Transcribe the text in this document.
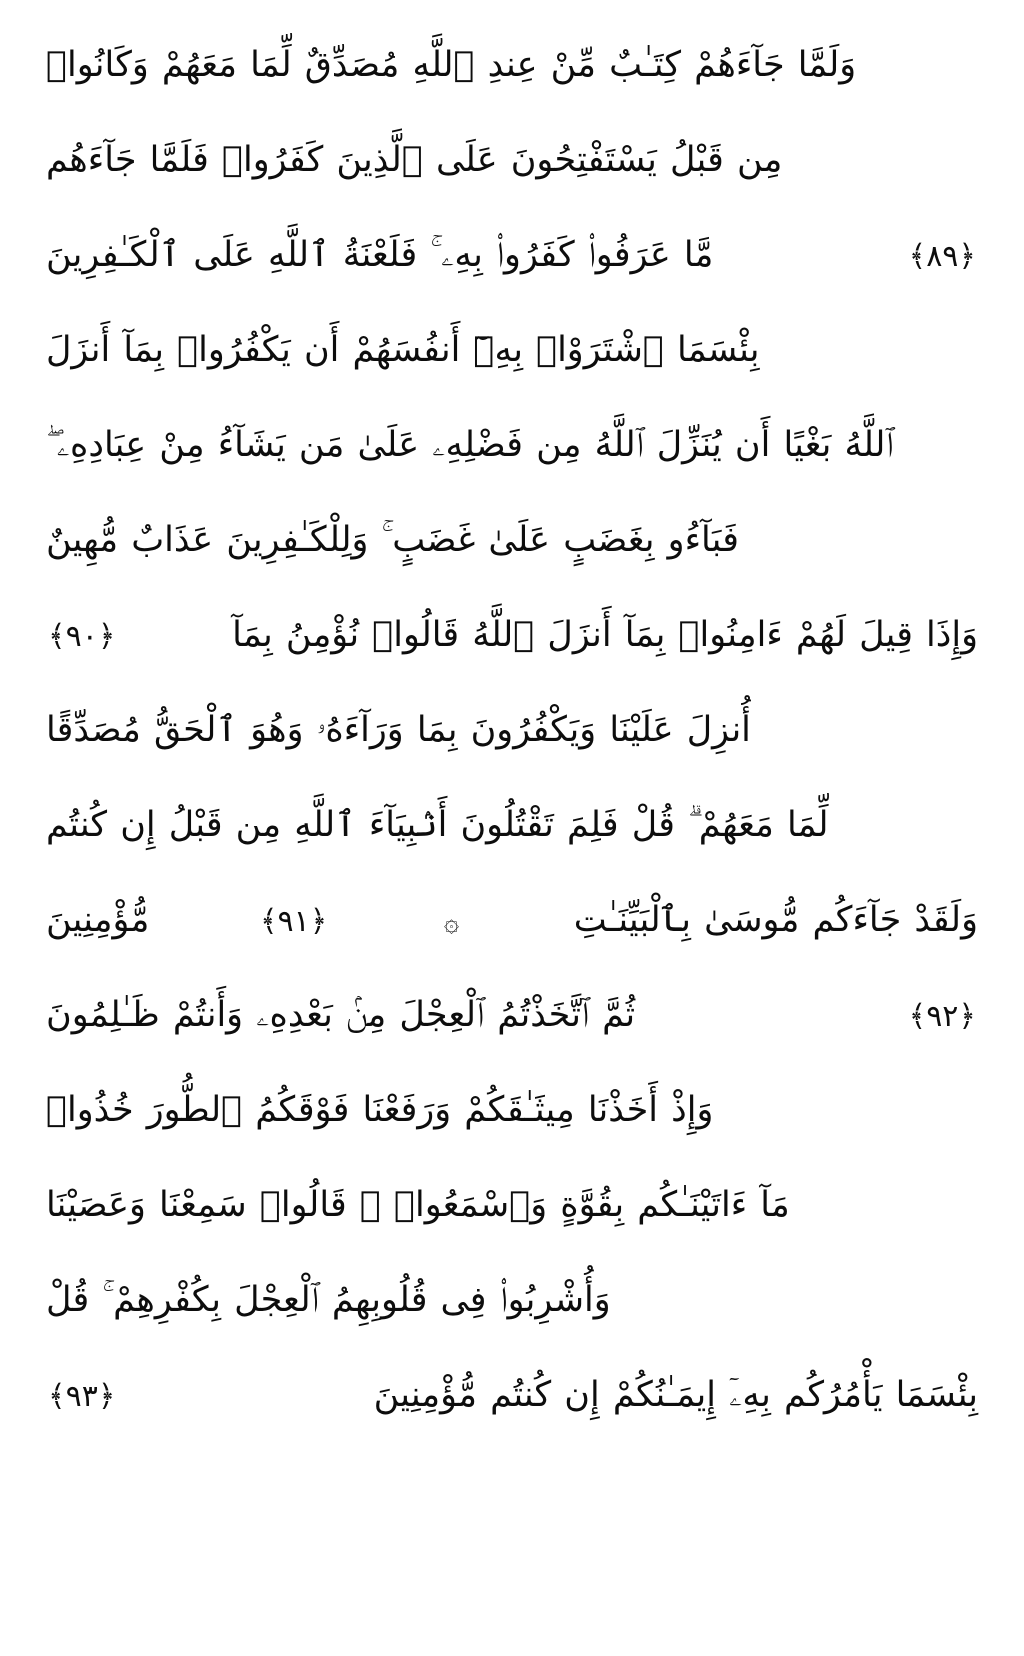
وَلَمَّا جَآءَهُمْ كِتَـٰبٌ مِّنْ عِندِ ٱللَّهِ مُصَدِّقٌ لِّمَا مَعَهُمْ وَكَانُوا۟
مِن قَبْلُ يَسْتَفْتِحُونَ عَلَى ٱلَّذِينَ كَفَرُوا۟ فَلَمَّا جَآءَهُم
مَّا عَرَفُوا۟ كَفَرُوا۟ بِهِۦ ۚ فَلَعْنَةُ ٱللَّهِ عَلَى ٱلْكَـٰفِرِينَ	﴿٨٩﴾
بِئْسَمَا ٱشْتَرَوْا۟ بِهِۦٓ أَنفُسَهُمْ أَن يَكْفُرُوا۟ بِمَآ أَنزَلَ
ٱللَّهُ بَغْيًا أَن يُنَزِّلَ ٱللَّهُ مِن فَضْلِهِۦ عَلَىٰ مَن يَشَآءُ مِنْ عِبَادِهِۦ ۖ
فَبَآءُو بِغَضَبٍ عَلَىٰ غَضَبٍ ۚ وَلِلْكَـٰفِرِينَ عَذَابٌ مُّهِينٌ
﴿٩٠﴾	وَإِذَا قِيلَ لَهُمْ ءَامِنُوا۟ بِمَآ أَنزَلَ ٱللَّهُ قَالُوا۟ نُؤْمِنُ بِمَآ
أُنزِلَ عَلَيْنَا وَيَكْفُرُونَ بِمَا وَرَآءَهُۥ وَهُوَ ٱلْحَقُّ مُصَدِّقًا
لِّمَا مَعَهُمْ ۗ قُلْ فَلِمَ تَقْتُلُونَ أَنۢبِيَآءَ ٱللَّهِ مِن قَبْلُ إِن كُنتُم
مُّؤْمِنِينَ	﴿٩١﴾	۞	وَلَقَدْ جَآءَكُم مُّوسَىٰ بِٱلْبَيِّنَـٰتِ
ثُمَّ ٱتَّخَذْتُمُ ٱلْعِجْلَ مِنۢ بَعْدِهِۦ وَأَنتُمْ ظَـٰلِمُونَ	﴿٩٢﴾
وَإِذْ أَخَذْنَا مِيثَـٰقَكُمْ وَرَفَعْنَا فَوْقَكُمُ ٱلطُّورَ خُذُوا۟
مَآ ءَاتَيْنَـٰكُم بِقُوَّةٍ وَٱسْمَعُوا۟ ۖ قَالُوا۟ سَمِعْنَا وَعَصَيْنَا
وَأُشْرِبُوا۟ فِى قُلُوبِهِمُ ٱلْعِجْلَ بِكُفْرِهِمْ ۚ قُلْ
﴿٩٣﴾	بِئْسَمَا يَأْمُرُكُم بِهِۦٓ إِيمَـٰنُكُمْ إِن كُنتُم مُّؤْمِنِينَ
